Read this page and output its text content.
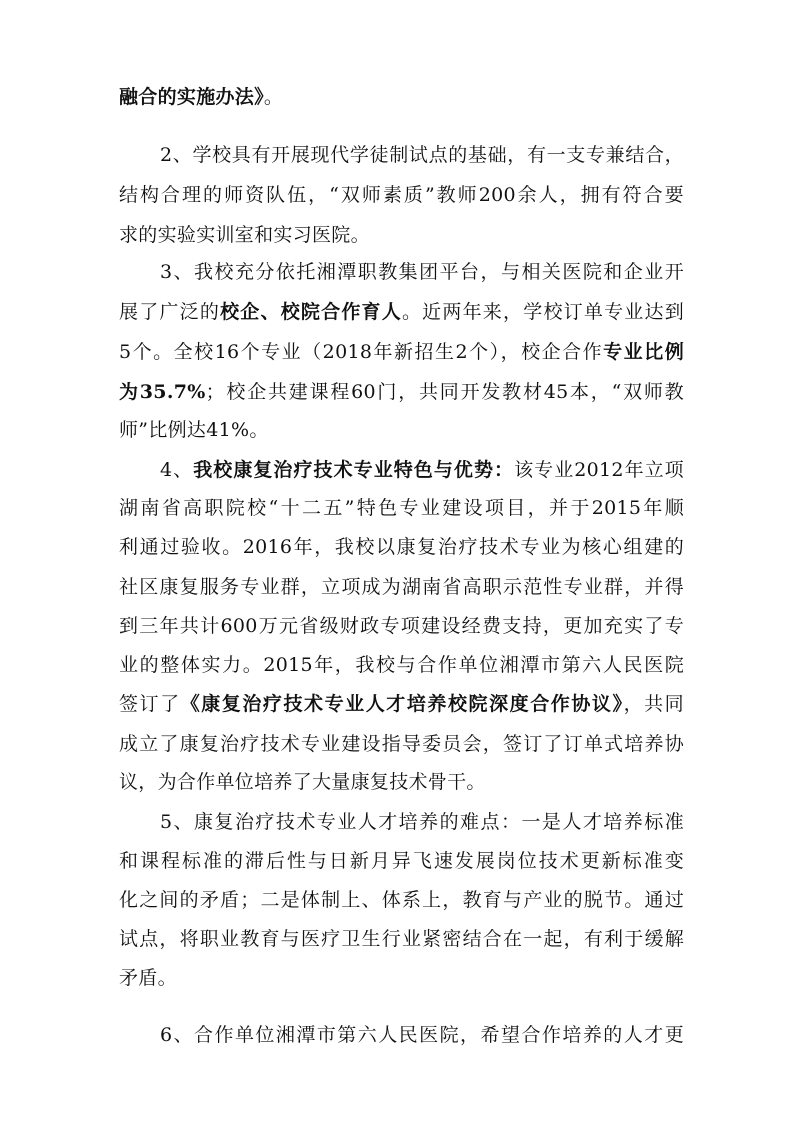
融合的实施办法》。
2、学校具有开展现代学徒制试点的基础，有一支专兼结合，
结构合理的师资队伍，“双师素质”教师200余人，拥有符合要
求的实验实训室和实习医院。
3、我校充分依托湘潭职教集团平台，与相关医院和企业开
展了广泛的校企、校院合作育人。近两年来，学校订单专业达到
5个。全校16个专业（2018年新招生2个），校企合作专业比例
为35.7%；校企共建课程60门，共同开发教材45本，“双师教
师”比例达41%。
4、我校康复治疗技术专业特色与优势：该专业2012年立项
湖南省高职院校“十二五”特色专业建设项目，并于2015年顺
利通过验收。2016年，我校以康复治疗技术专业为核心组建的
社区康复服务专业群，立项成为湖南省高职示范性专业群，并得
到三年共计600万元省级财政专项建设经费支持，更加充实了专
业的整体实力。2015年，我校与合作单位湘潭市第六人民医院
签订了《康复治疗技术专业人才培养校院深度合作协议》，共同
成立了康复治疗技术专业建设指导委员会，签订了订单式培养协
议，为合作单位培养了大量康复技术骨干。
5、康复治疗技术专业人才培养的难点：一是人才培养标准
和课程标准的滞后性与日新月异飞速发展岗位技术更新标准变
化之间的矛盾；二是体制上、体系上，教育与产业的脱节。通过
试点，将职业教育与医疗卫生行业紧密结合在一起，有利于缓解
矛盾。
6、合作单位湘潭市第六人民医院，希望合作培养的人才更
